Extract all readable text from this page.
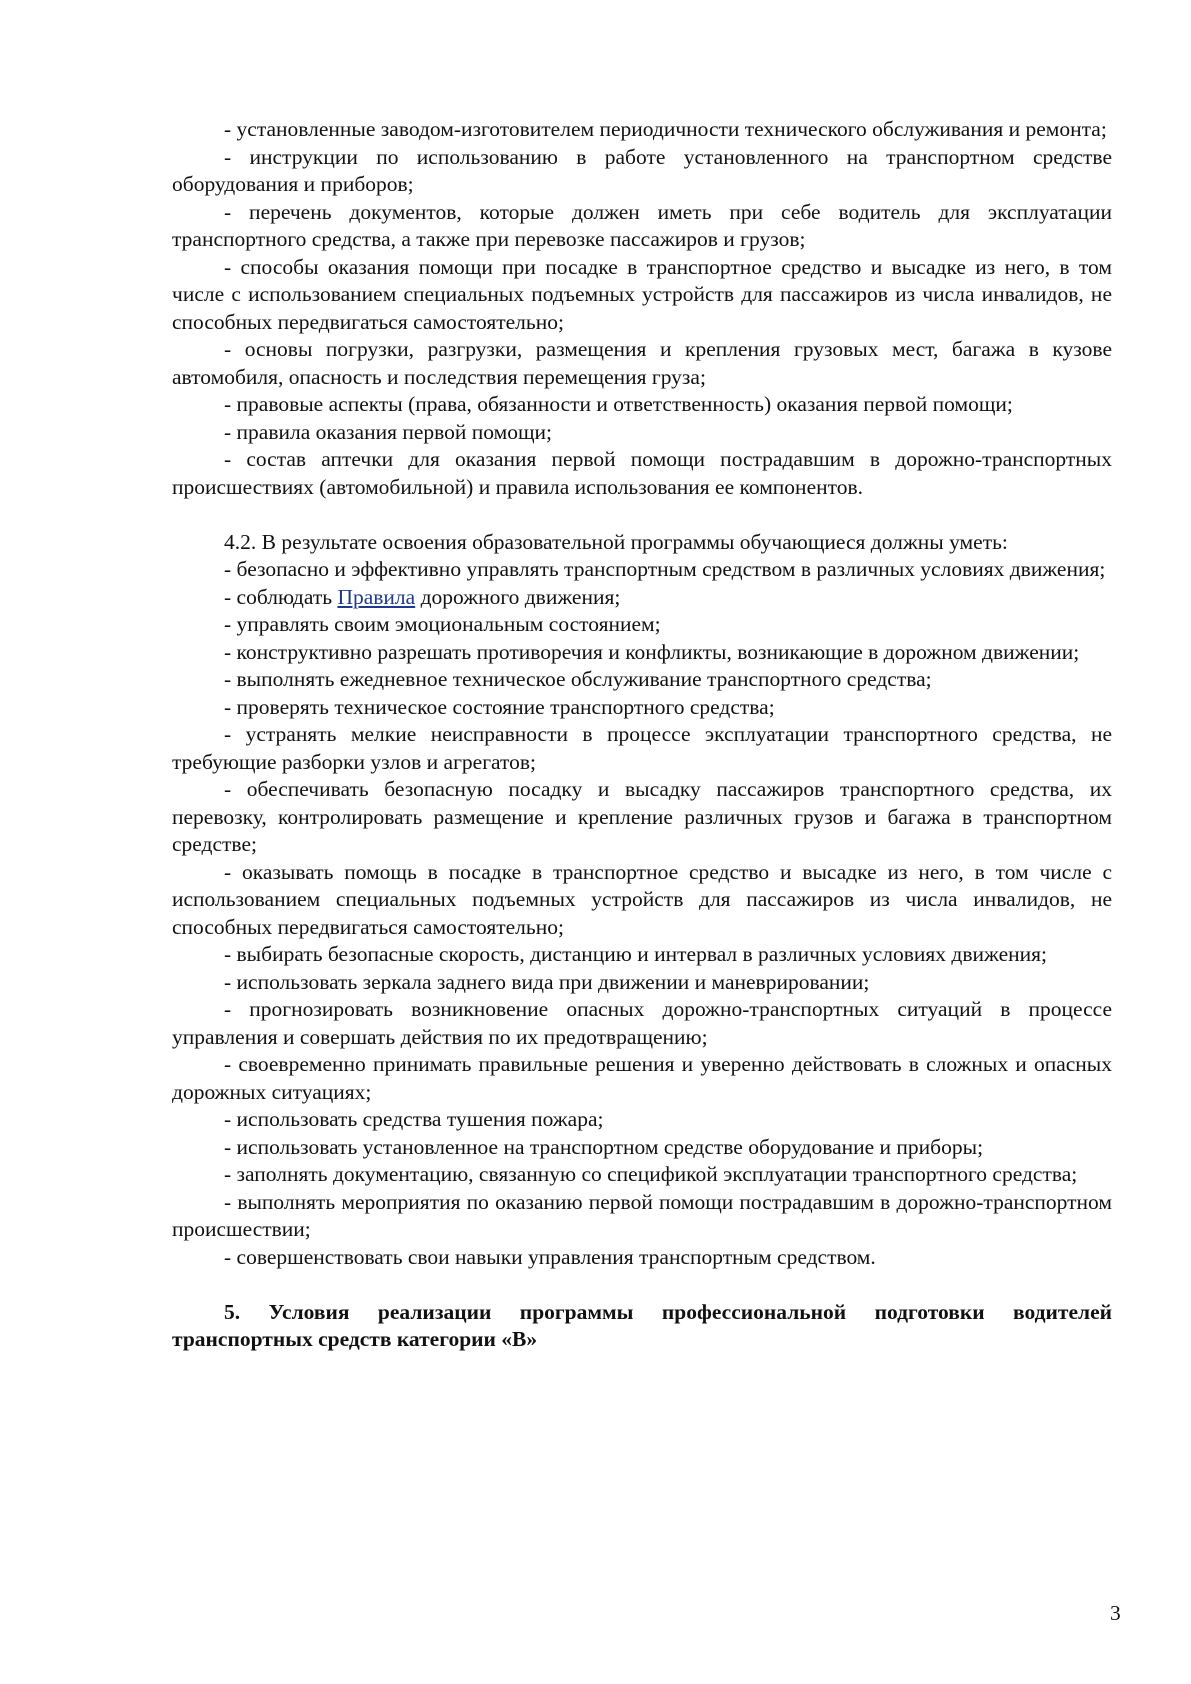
- установленные заводом-изготовителем периодичности технического обслуживания и ремонта;

- инструкции по использованию в работе установленного на транспортном средстве оборудования и приборов;

- перечень документов, которые должен иметь при себе водитель для эксплуатации транспортного средства, а также при перевозке пассажиров и грузов;

- способы оказания помощи при посадке в транспортное средство и высадке из него, в том числе с использованием специальных подъемных устройств для пассажиров из числа инвалидов, не способных передвигаться самостоятельно;

- основы погрузки, разгрузки, размещения и крепления грузовых мест, багажа в кузове автомобиля, опасность и последствия перемещения груза;

- правовые аспекты (права, обязанности и ответственность) оказания первой помощи;

- правила оказания первой помощи;

- состав аптечки для оказания первой помощи пострадавшим в дорожно-транспортных происшествиях (автомобильной) и правила использования ее компонентов.

4.2. В результате освоения образовательной программы обучающиеся должны уметь:

- безопасно и эффективно управлять транспортным средством в различных условиях движения;

- соблюдать Правила дорожного движения;

- управлять своим эмоциональным состоянием;

- конструктивно разрешать противоречия и конфликты, возникающие в дорожном движении;

- выполнять ежедневное техническое обслуживание транспортного средства;

- проверять техническое состояние транспортного средства;

- устранять мелкие неисправности в процессе эксплуатации транспортного средства, не требующие разборки узлов и агрегатов;

- обеспечивать безопасную посадку и высадку пассажиров транспортного средства, их перевозку, контролировать размещение и крепление различных грузов и багажа в транспортном средстве;

- оказывать помощь в посадке в транспортное средство и высадке из него, в том числе с использованием специальных подъемных устройств для пассажиров из числа инвалидов, не способных передвигаться самостоятельно;

- выбирать безопасные скорость, дистанцию и интервал в различных условиях движения;

- использовать зеркала заднего вида при движении и маневрировании;

- прогнозировать возникновение опасных дорожно-транспортных ситуаций в процессе управления и совершать действия по их предотвращению;

- своевременно принимать правильные решения и уверенно действовать в сложных и опасных дорожных ситуациях;

- использовать средства тушения пожара;

- использовать установленное на транспортном средстве оборудование и приборы;

- заполнять документацию, связанную со спецификой эксплуатации транспортного средства;

- выполнять мероприятия по оказанию первой помощи пострадавшим в дорожно-транспортном происшествии;

- совершенствовать свои навыки управления транспортным средством.

5. Условия реализации программы профессиональной подготовки водителей транспортных средств категории «В»

3
